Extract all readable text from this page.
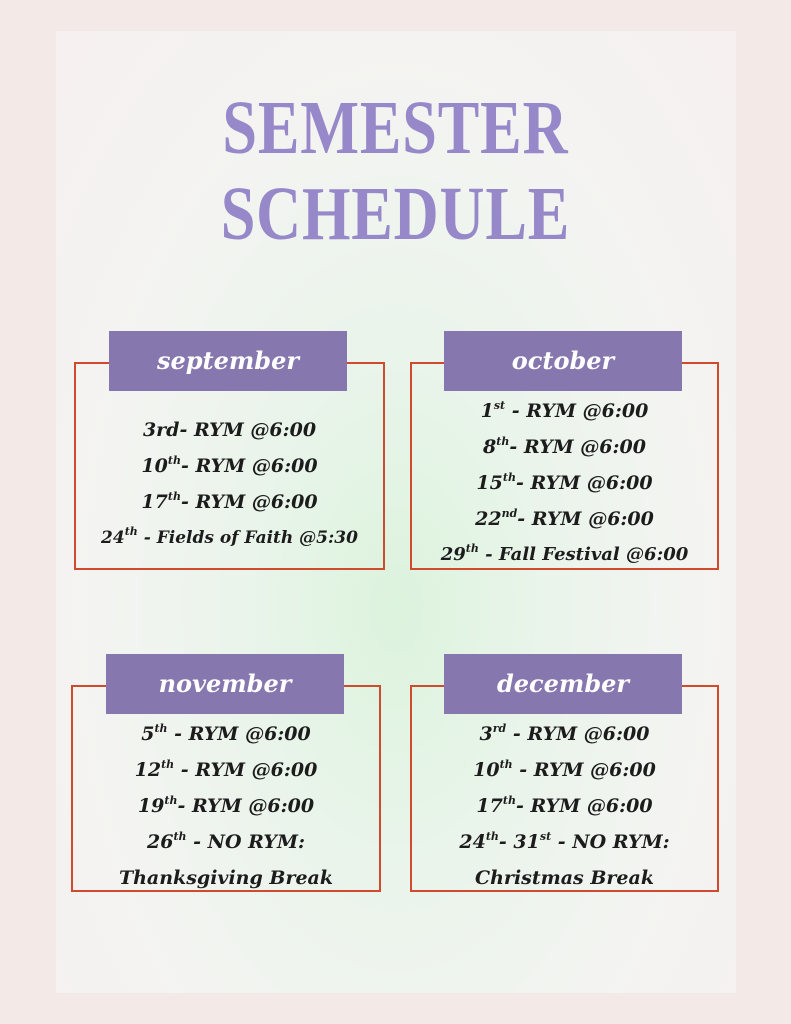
SEMESTER
SCHEDULE
september
3rd- RYM @6:00
10th- RYM @6:00
17th- RYM @6:00
24th - Fields of Faith @5:30
october
1st - RYM @6:00
8th- RYM @6:00
15th- RYM @6:00
22nd- RYM @6:00
29th - Fall Festival @6:00
november
5th - RYM @6:00
12th - RYM @6:00
19th- RYM @6:00
26th - NO RYM:
Thanksgiving Break
december
3rd - RYM @6:00
10th - RYM @6:00
17th- RYM @6:00
24th- 31st - NO RYM:
Christmas Break
